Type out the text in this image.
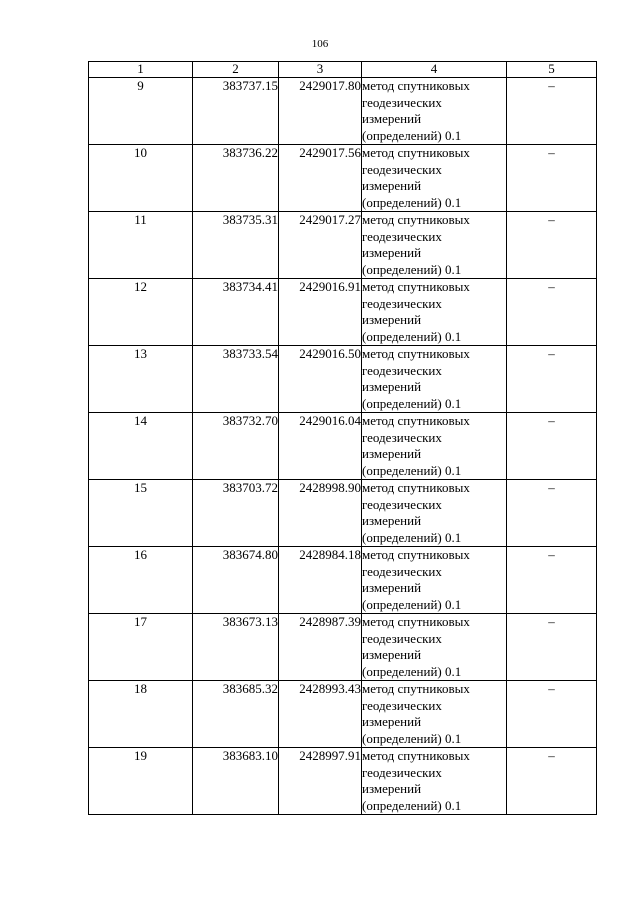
106
1	2	3	4	5
9	383737.15	2429017.80	метод спутниковых
геодезических
измерений
(определений) 0.1	–
10	383736.22	2429017.56	метод спутниковых
геодезических
измерений
(определений) 0.1	–
11	383735.31	2429017.27	метод спутниковых
геодезических
измерений
(определений) 0.1	–
12	383734.41	2429016.91	метод спутниковых
геодезических
измерений
(определений) 0.1	–
13	383733.54	2429016.50	метод спутниковых
геодезических
измерений
(определений) 0.1	–
14	383732.70	2429016.04	метод спутниковых
геодезических
измерений
(определений) 0.1	–
15	383703.72	2428998.90	метод спутниковых
геодезических
измерений
(определений) 0.1	–
16	383674.80	2428984.18	метод спутниковых
геодезических
измерений
(определений) 0.1	–
17	383673.13	2428987.39	метод спутниковых
геодезических
измерений
(определений) 0.1	–
18	383685.32	2428993.43	метод спутниковых
геодезических
измерений
(определений) 0.1	–
19	383683.10	2428997.91	метод спутниковых
геодезических
измерений
(определений) 0.1	–
